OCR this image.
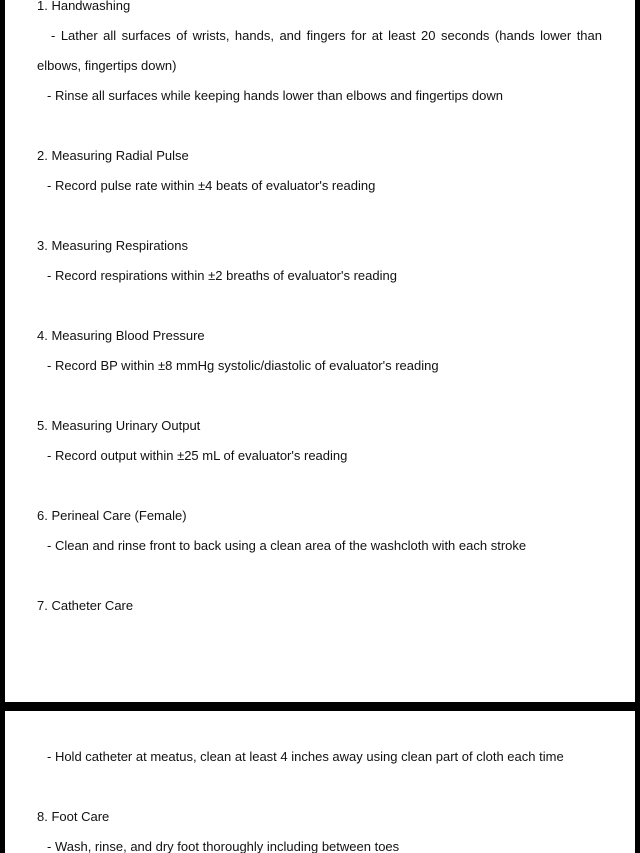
1. Handwashing
- Lather all surfaces of wrists, hands, and fingers for at least 20 seconds (hands lower than
elbows, fingertips down)
- Rinse all surfaces while keeping hands lower than elbows and fingertips down
2. Measuring Radial Pulse
- Record pulse rate within ±4 beats of evaluator's reading
3. Measuring Respirations
- Record respirations within ±2 breaths of evaluator's reading
4. Measuring Blood Pressure
- Record BP within ±8 mmHg systolic/diastolic of evaluator's reading
5. Measuring Urinary Output
- Record output within ±25 mL of evaluator's reading
6. Perineal Care (Female)
- Clean and rinse front to back using a clean area of the washcloth with each stroke
7. Catheter Care
- Hold catheter at meatus, clean at least 4 inches away using clean part of cloth each time
8. Foot Care
- Wash, rinse, and dry foot thoroughly including between toes
